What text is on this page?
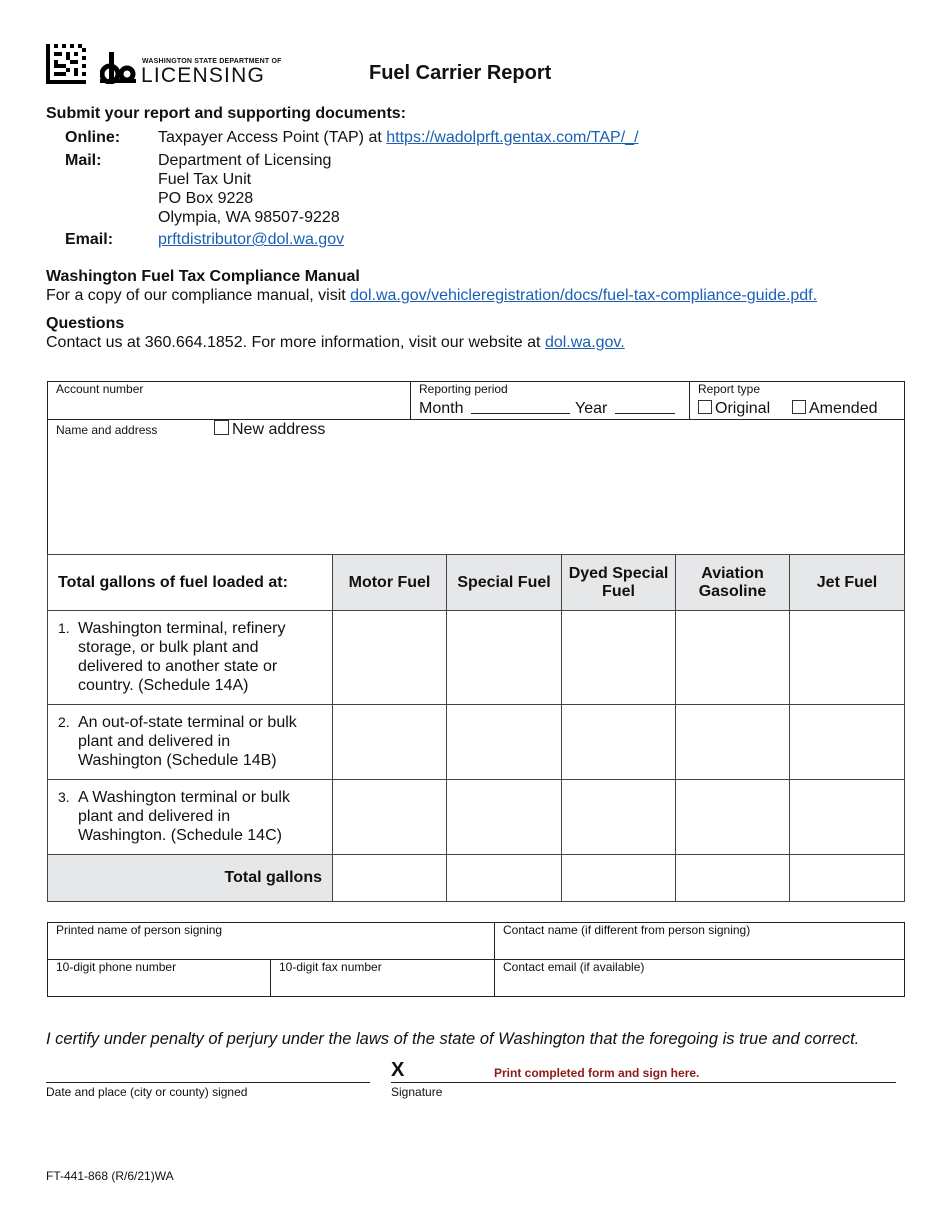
WASHINGTON STATE DEPARTMENT OF
LICENSING	Fuel Carrier Report
Submit your report and supporting documents:
Online: Taxpayer Access Point (TAP) at https://wadolprft.gentax.com/TAP/_/
Mail:	Department of Licensing
Fuel Tax Unit
PO Box 9228
Olympia, WA 98507-9228
Email:	prftdistributor@dol.wa.gov
Washington Fuel Tax Compliance Manual
For a copy of our compliance manual, visit dol.wa.gov/vehicleregistration/docs/fuel-tax-compliance-guide.pdf.
Questions
Contact us at 360.664.1852. For more information, visit our website at dol.wa.gov.
Account number	Reporting period
Month	Year
Report type
Original	Amended
Name and address	New address
Total gallons of fuel loaded at:	Motor Fuel	Special Fuel	Dyed Special Fuel	Aviation Gasoline	Jet Fuel
1. Washington terminal, refinery storage, or bulk plant and delivered to another state or country. (Schedule 14A)					
2. An out-of-state terminal or bulk plant and delivered in Washington (Schedule 14B)					
3. A Washington terminal or bulk plant and delivered in Washington. (Schedule 14C)					
Total gallons					
Printed name of person signing	Contact name (if different from person signing)
10-digit phone number	10-digit fax number	Contact email (if available)
I certify under penalty of perjury under the laws of the state of Washington that the foregoing is true and correct.
Date and place (city or county) signed
X	Print completed form and sign here.
Signature
FT-441-868 (R/6/21)WA
